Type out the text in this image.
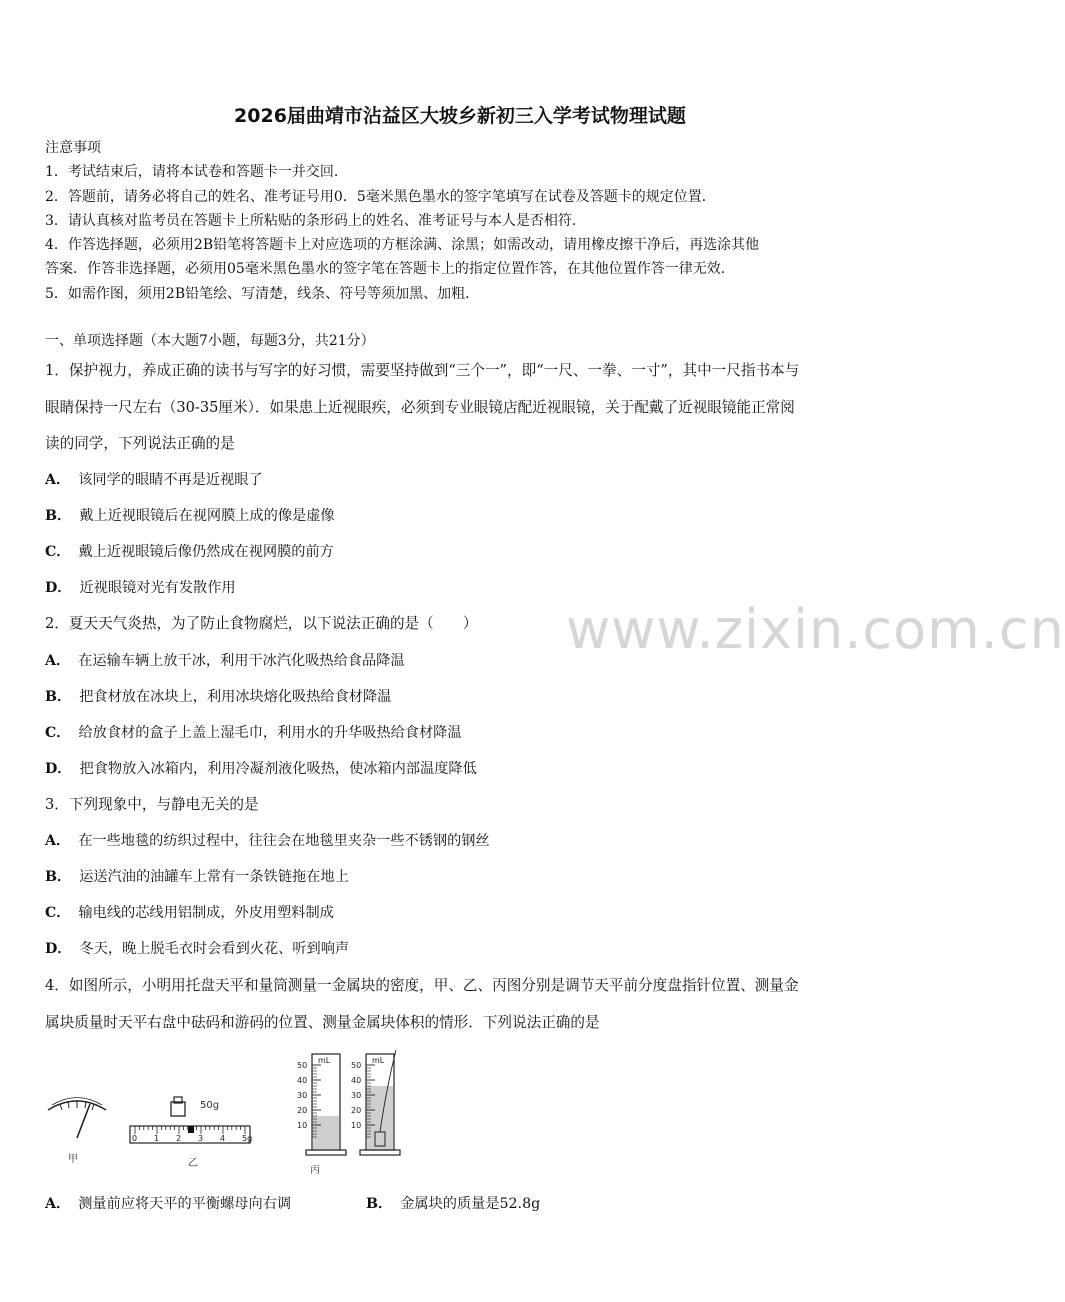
2026届曲靖市沾益区大坡乡新初三入学考试物理试题
注意事项
1．考试结束后，请将本试卷和答题卡一并交回．
2．答题前，请务必将自己的姓名、准考证号用0．5毫米黑色墨水的签字笔填写在试卷及答题卡的规定位置．
3．请认真核对监考员在答题卡上所粘贴的条形码上的姓名、准考证号与本人是否相符．
4．作答选择题，必须用2B铅笔将答题卡上对应选项的方框涂满、涂黑；如需改动，请用橡皮擦干净后，再选涂其他
答案．作答非选择题，必须用05毫米黑色墨水的签字笔在答题卡上的指定位置作答，在其他位置作答一律无效．
5．如需作图，须用2B铅笔绘、写清楚，线条、符号等须加黑、加粗．
一、单项选择题（本大题7小题，每题3分，共21分）
1．保护视力，养成正确的读书与写字的好习惯，需要坚持做到“三个一”，即“一尺、一拳、一寸”，其中一尺指书本与
眼睛保持一尺左右（30-35厘米）．如果患上近视眼疾，必须到专业眼镜店配近视眼镜，关于配戴了近视眼镜能正常阅
读的同学，下列说法正确的是
A． 该同学的眼睛不再是近视眼了
B． 戴上近视眼镜后在视网膜上成的像是虚像
C． 戴上近视眼镜后像仍然成在视网膜的前方
D． 近视眼镜对光有发散作用
2．夏天天气炎热，为了防止食物腐烂，以下说法正确的是（　　）
A． 在运输车辆上放干冰，利用干冰汽化吸热给食品降温
B． 把食材放在冰块上，利用冰块熔化吸热给食材降温
C． 给放食材的盒子上盖上湿毛巾，利用水的升华吸热给食材降温
D． 把食物放入冰箱内，利用冷凝剂液化吸热，使冰箱内部温度降低
3．下列现象中，与静电无关的是
A． 在一些地毯的纺织过程中，往往会在地毯里夹杂一些不锈钢的钢丝
B． 运送汽油的油罐车上常有一条铁链拖在地上
C． 输电线的芯线用铝制成，外皮用塑料制成
D． 冬天，晚上脱毛衣时会看到火花、听到响声
4．如图所示，小明用托盘天平和量筒测量一金属块的密度，甲、乙、丙图分别是调节天平前分度盘指针位置、测量金
属块质量时天平右盘中砝码和游码的位置、测量金属块体积的情形．下列说法正确的是
www.zixin.com.cn
甲
50g
0 1 2 3 4 5g
乙
mL
50
40
30
20
10
mL
50
40
30
20
10
丙
A． 测量前应将天平的平衡螺母向右调	B． 金属块的质量是52.8g
